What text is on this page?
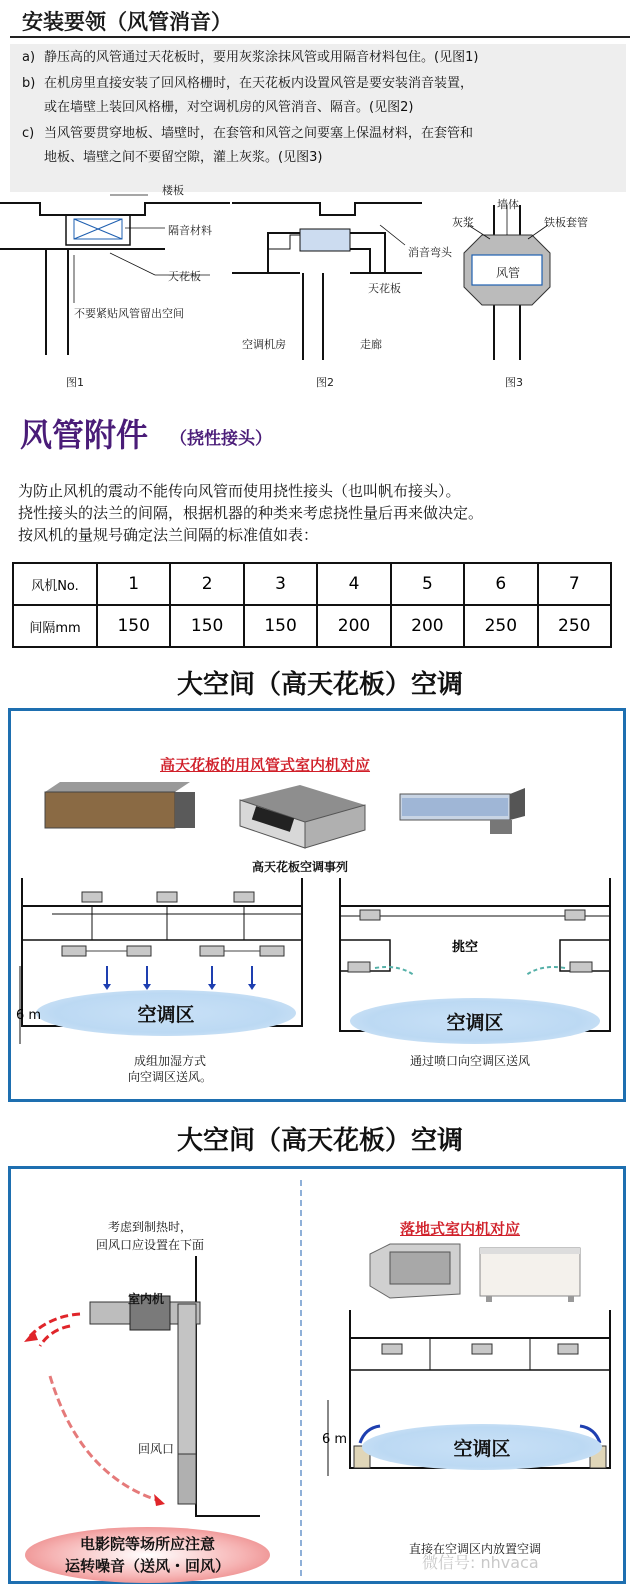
安装要领（风管消音）
a) 静压高的风管通过天花板时，要用灰浆涂抹风管或用隔音材料包住。(见图1)
b) 在机房里直接安装了回风格栅时，在天花板内设置风管是要安装消音装置，
或在墙壁上装回风格栅，对空调机房的风管消音、隔音。(见图2)
c) 当风管要贯穿地板、墙壁时，在套管和风管之间要塞上保温材料，在套管和
地板、墙壁之间不要留空隙，灌上灰浆。(见图3)
楼板
隔音材料
天花板
不要紧贴风管留出空间
图1
消音弯头
天花板
空调机房	走廊
图2
墙体
灰浆	铁板套管
风管
图3
风管附件 （挠性接头）
为防止风机的震动不能传向风管而使用挠性接头（也叫帆布接头）。
挠性接头的法兰的间隔，根据机器的种类来考虑挠性量后再来做决定。
按风机的量规号确定法兰间隔的标准值如表：
风机No.	1	2	3	4	5	6	7
间隔mm	150	150	150	200	200	250	250
大空间（高天花板）空调
高天花板的用风管式室内机对应
高天花板空调事列
空调区
6 m
成组加湿方式
向空调区送风。
挑空
空调区
通过喷口向空调区送风
大空间（高天花板）空调
考虑到制热时，
回风口应设置在下面
室内机
回风口
电影院等场所应注意
运转噪音（送风・回风）
落地式室内机对应
空调区
6 m
直接在空调区内放置空调
微信号: nhvaca
